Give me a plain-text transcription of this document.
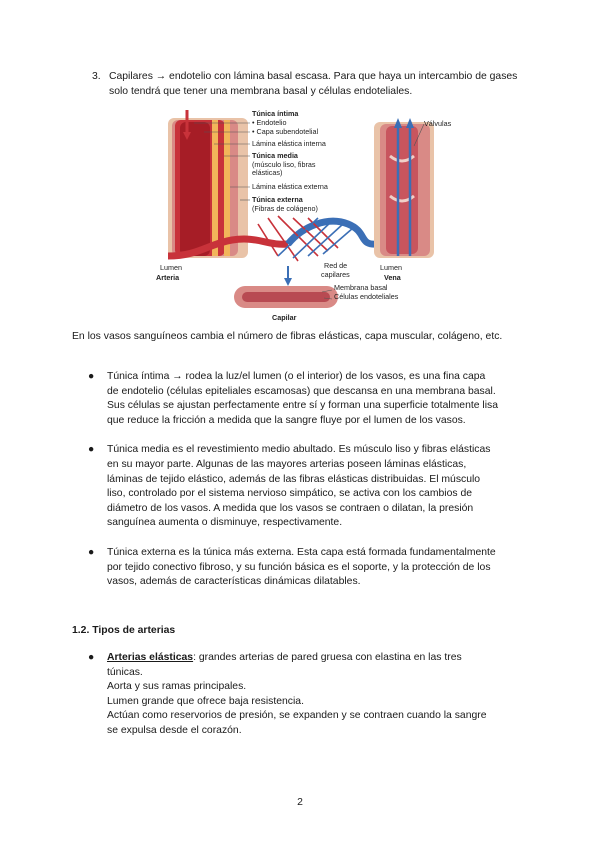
3. Capilares → endotelio con lámina basal escasa. Para que haya un intercambio de gases solo tendrá que tener una membrana basal y células endoteliales.
Túnica íntima
• Endotelio
• Capa subendotelial
Lámina elástica interna
Túnica media
(músculo liso, fibras
elásticas)
Lámina elástica externa
Túnica externa
(Fibras de colágeno)
Válvulas
Lumen
Arteria
Red de
capilares
Lumen
Vena
Membrana basal
Células endoteliales
Capilar
En los vasos sanguíneos cambia el número de fibras elásticas, capa muscular, colágeno, etc.
● Túnica íntima → rodea la luz/el lumen (o el interior) de los vasos, es una fina capa
de endotelio (células epiteliales escamosas) que descansa en una membrana basal.
Sus células se ajustan perfectamente entre sí y forman una superficie totalmente lisa
que reduce la fricción a medida que la sangre fluye por el lumen de los vasos.
● Túnica media es el revestimiento medio abultado. Es músculo liso y fibras elásticas
en su mayor parte. Algunas de las mayores arterias poseen láminas elásticas,
láminas de tejido elástico, además de las fibras elásticas distribuidas. El músculo
liso, controlado por el sistema nervioso simpático, se activa con los cambios de
diámetro de los vasos. A medida que los vasos se contraen o dilatan, la presión
sanguínea aumenta o disminuye, respectivamente.
● Túnica externa es la túnica más externa. Esta capa está formada fundamentalmente
por tejido conectivo fibroso, y su función básica es el soporte, y la protección de los
vasos, además de características dinámicas dilatables.
1.2. Tipos de arterias
● Arterias elásticas: grandes arterias de pared gruesa con elastina en las tres
túnicas.
Aorta y sus ramas principales.
Lumen grande que ofrece baja resistencia.
Actúan como reservorios de presión, se expanden y se contraen cuando la sangre
se expulsa desde el corazón.
2
